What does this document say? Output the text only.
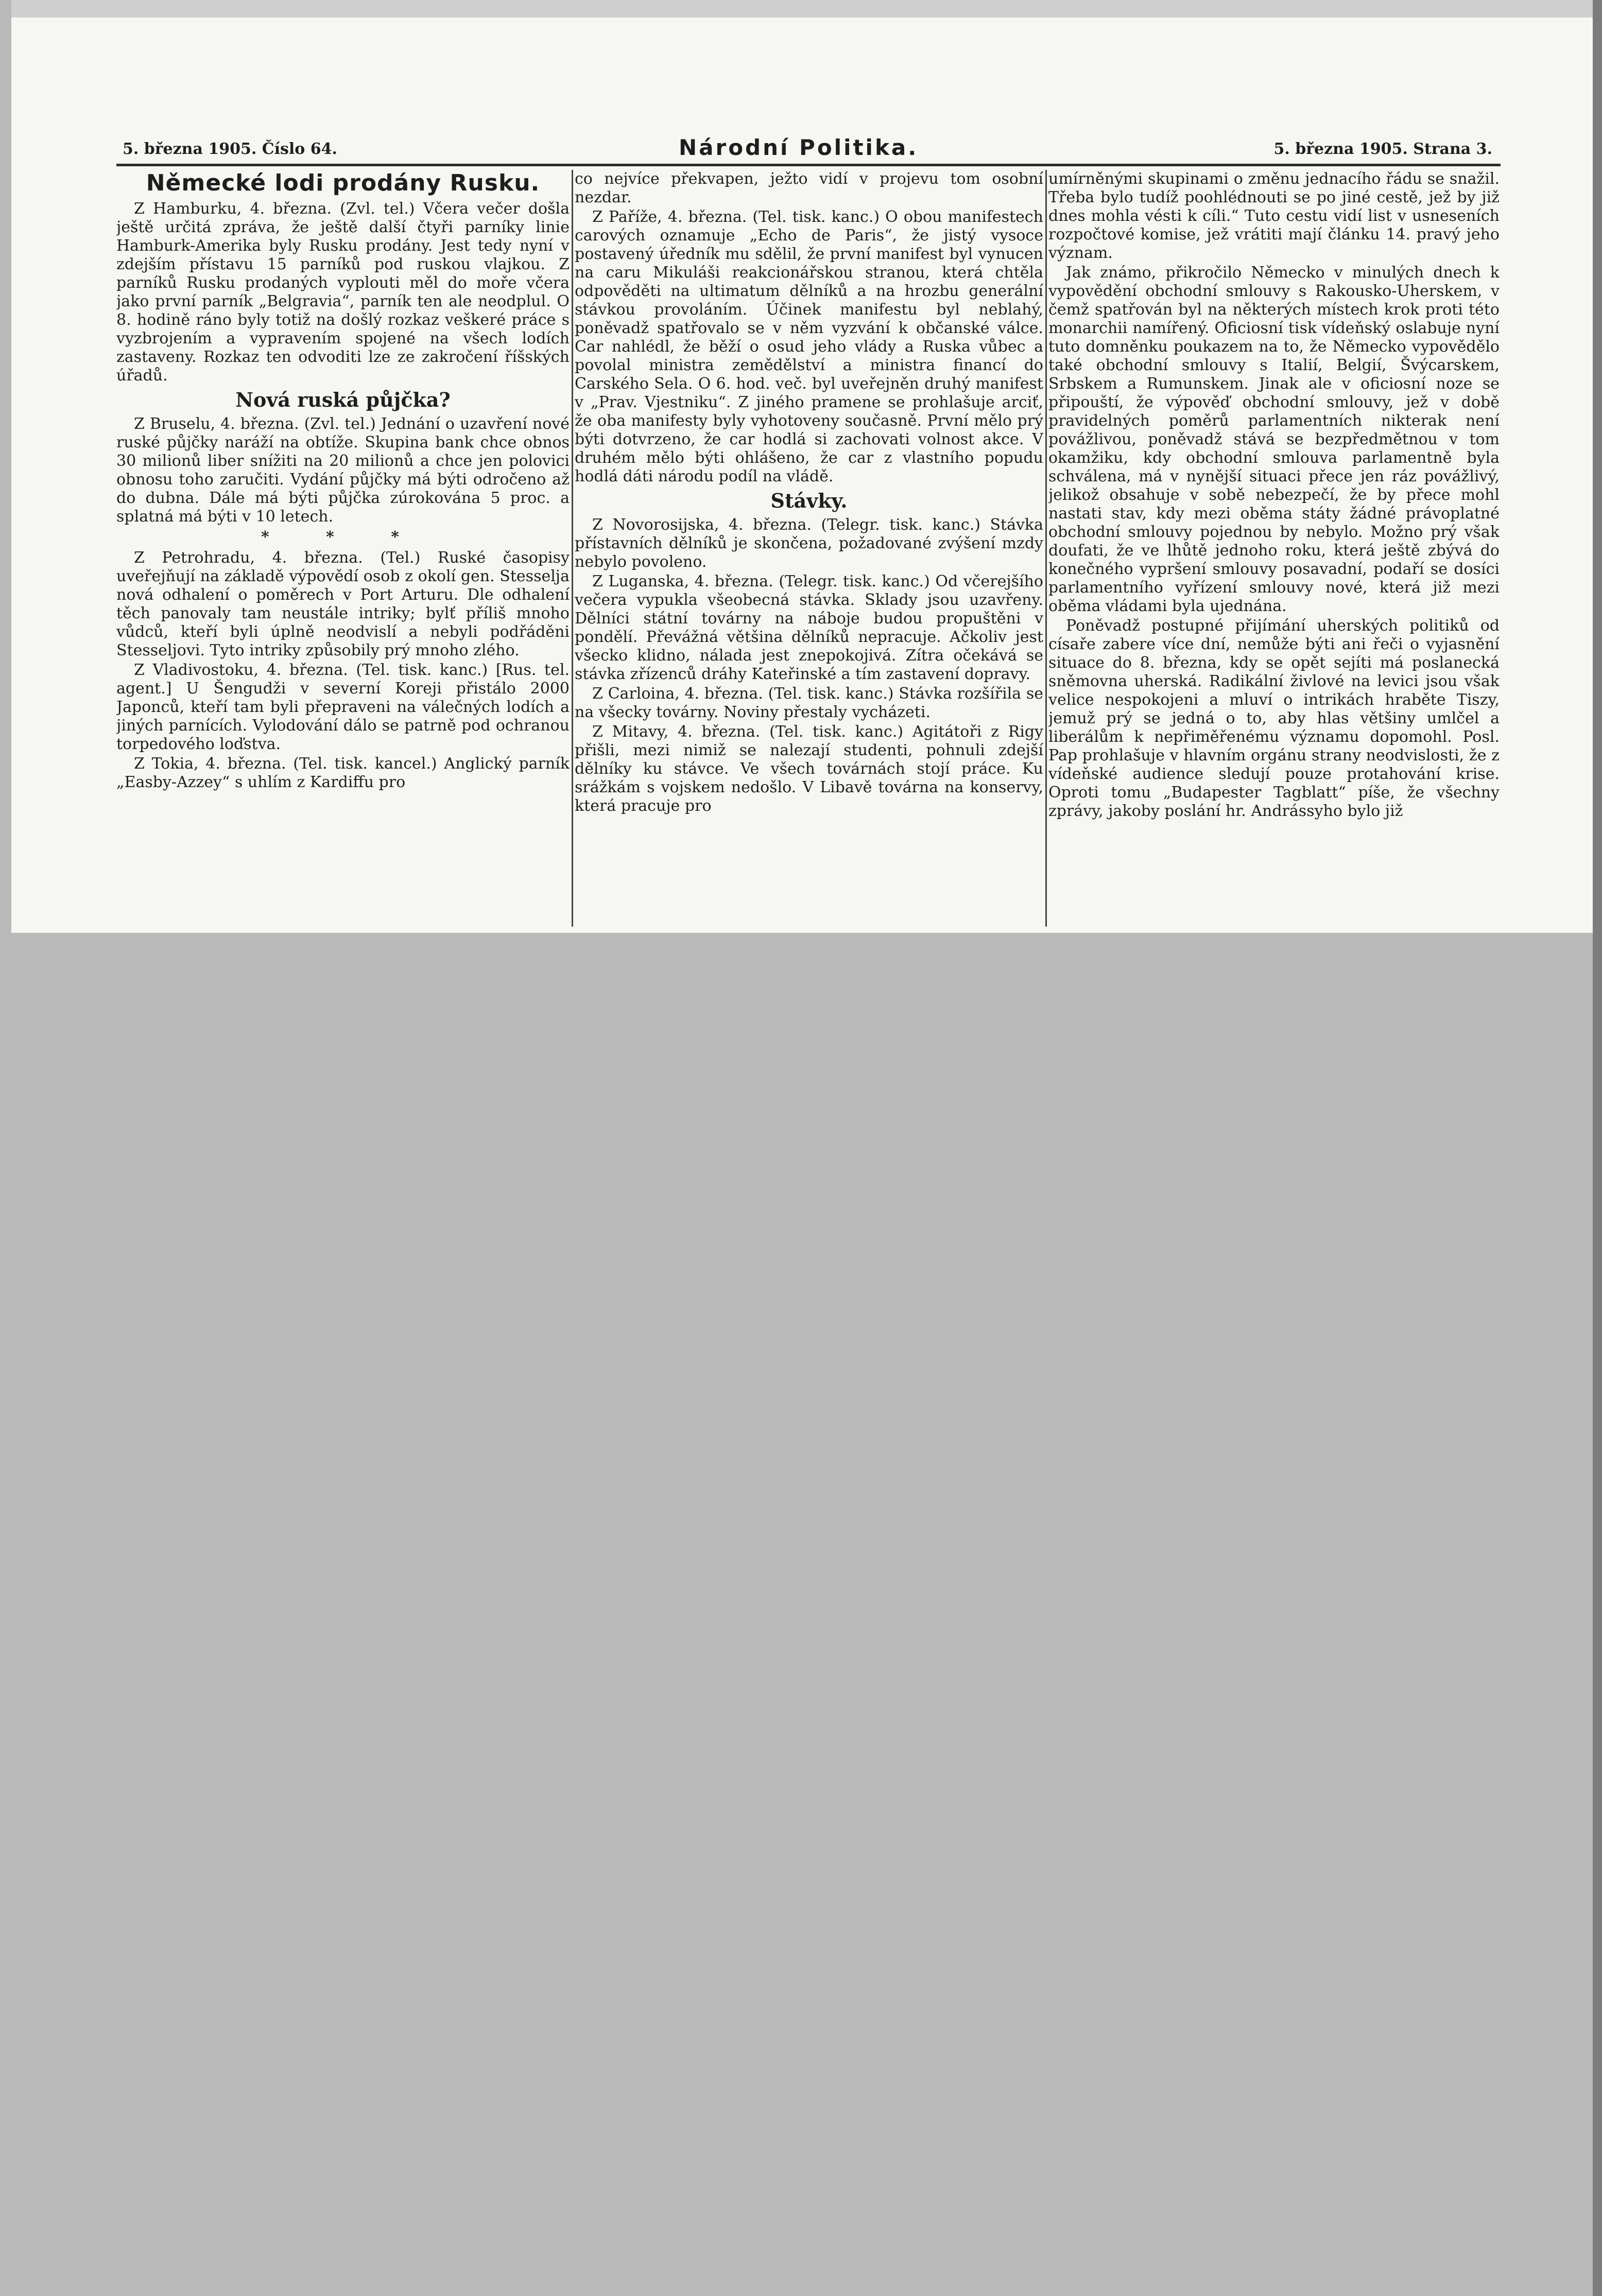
5. března 1905. Číslo 64.	Národní Politika.	5. března 1905. Strana 3.
Německé lodi prodány Rusku.

Z Hamburku, 4. března. (Zvl. tel.) Včera večer došla ještě určitá zpráva, že ještě další čtyři parníky linie Hamburk-Amerika byly Rusku prodány. Jest tedy nyní v zdejším přístavu 15 parníků pod ruskou vlajkou. Z parníků Rusku prodaných vyplouti měl do moře včera jako první parník „Belgravia“, parník ten ale neodplul. O 8. hodině ráno byly totiž na došlý rozkaz veškeré práce s vyzbrojením a vypravením spojené na všech lodích zastaveny. Rozkaz ten odvoditi lze ze zakročení říšských úřadů.

Nová ruská půjčka?

Z Bruselu, 4. března. (Zvl. tel.) Jednání o uzavření nové ruské půjčky naráží na obtíže. Skupina bank chce obnos 30 milionů liber snížiti na 20 milionů a chce jen polovici obnosu toho zaručiti. Vydání půjčky má býti odročeno až do dubna. Dále má býti půjčka zúrokována 5 proc. a splatná má býti v 10 letech.

* * *

Z Petrohradu, 4. března. (Tel.) Ruské časopisy uveřejňují na základě výpovědí osob z okolí gen. Stesselja nová odhalení o poměrech v Port Arturu. Dle odhalení těch panovaly tam neustále intriky; bylť příliš mnoho vůdců, kteří byli úplně neodvislí a nebyli podřáděni Stesseljovi. Tyto intriky způsobily prý mnoho zlého.

Z Vladivostoku, 4. března. (Tel. tisk. kanc.) [Rus. tel. agent.] U Šengudži v severní Koreji přistálo 2000 Japonců, kteří tam byli přepraveni na válečných lodích a jiných parnících. Vylodování dálo se patrně pod ochranou torpedového loďstva.

Z Tokia, 4. března. (Tel. tisk. kancel.) Anglický parník „Easby-Azzey“ s uhlím z Kardiffu pro

co nejvíce překvapen, ježto vidí v projevu tom osobní nezdar.

Z Paříže, 4. března. (Tel. tisk. kanc.) O obou manifestech carových oznamuje „Echo de Paris“, že jistý vysoce postavený úředník mu sdělil, že první manifest byl vynucen na caru Mikuláši reakcionářskou stranou, která chtěla odpověděti na ultimatum dělníků a na hrozbu generální stávkou provoláním. Účinek manifestu byl neblahý, poněvadž spatřovalo se v něm vyzvání k občanské válce. Car nahlédl, že běží o osud jeho vlády a Ruska vůbec a povolal ministra zemědělství a ministra financí do Carského Sela. O 6. hod. več. byl uveřejněn druhý manifest v „Prav. Vjestniku“. Z jiného pramene se prohlašuje arciť, že oba manifesty byly vyhotoveny současně. První mělo prý býti dotvrzeno, že car hodlá si zachovati volnost akce. V druhém mělo býti ohlášeno, že car z vlastního popudu hodlá dáti národu podíl na vládě.

Stávky.

Z Novorosijska, 4. března. (Telegr. tisk. kanc.) Stávka přístavních dělníků je skončena, požadované zvýšení mzdy nebylo povoleno.

Z Luganska, 4. března. (Telegr. tisk. kanc.) Od včerejšího večera vypukla všeobecná stávka. Sklady jsou uzavřeny. Dělníci státní továrny na náboje budou propuštěni v pondělí. Převážná většina dělníků nepracuje. Ačkoliv jest všecko klidno, nálada jest znepokojivá. Zítra očekává se stávka zřízenců dráhy Kateřinské a tím zastavení dopravy.

Z Carloina, 4. března. (Tel. tisk. kanc.) Stávka rozšířila se na všecky továrny. Noviny přestaly vycházeti.

Z Mitavy, 4. března. (Tel. tisk. kanc.) Agitátoři z Rigy přišli, mezi nimiž se nalezají studenti, pohnuli zdejší dělníky ku stávce. Ve všech továrnách stojí práce. Ku srážkám s vojskem nedošlo. V Libavě továrna na konservy, která pracuje pro

umírněnými skupinami o změnu jednacího řádu se snažil. Třeba bylo tudíž poohlédnouti se po jiné cestě, jež by již dnes mohla vésti k cíli.“ Tuto cestu vidí list v usneseních rozpočtové komise, jež vrátiti mají článku 14. pravý jeho význam.

Jak známo, přikročilo Německo v minulých dnech k vypovědění obchodní smlouvy s Rakousko-Uherskem, v čemž spatřován byl na některých místech krok proti této monarchii namířený. Oficiosní tisk vídeňský oslabuje nyní tuto domněnku poukazem na to, že Německo vypovědělo také obchodní smlouvy s Italií, Belgií, Švýcarskem, Srbskem a Rumunskem. Jinak ale v oficiosní noze se připouští, že výpověď obchodní smlouvy, jež v době pravidelných poměrů parlamentních nikterak není povážlivou, poněvadž stává se bezpředmětnou v tom okamžiku, kdy obchodní smlouva parlamentně byla schválena, má v nynější situaci přece jen ráz povážlivý, jelikož obsahuje v sobě nebezpečí, že by přece mohl nastati stav, kdy mezi oběma státy žádné právoplatné obchodní smlouvy pojednou by nebylo. Možno prý však doufati, že ve lhůtě jednoho roku, která ještě zbývá do konečného vypršení smlouvy posavadní, podaří se dosíci parlamentního vyřízení smlouvy nové, která již mezi oběma vládami byla ujednána.

Poněvadž postupné přijímání uherských politiků od císaře zabere více dní, nemůže býti ani řeči o vyjasnění situace do 8. března, kdy se opět sejíti má poslanecká sněmovna uherská. Radikální živlové na levici jsou však velice nespokojeni a mluví o intrikách hraběte Tiszy, jemuž prý se jedná o to, aby hlas většiny umlčel a liberálům k nepřiměřenému významu dopomohl. Posl. Pap prohlašuje v hlavním orgánu strany neodvislosti, že z vídeňské audience sledují pouze protahování krise. Oproti tomu „Budapester Tagblatt“ píše, že všechny zprávy, jakoby poslání hr. Andrássyho bylo již
